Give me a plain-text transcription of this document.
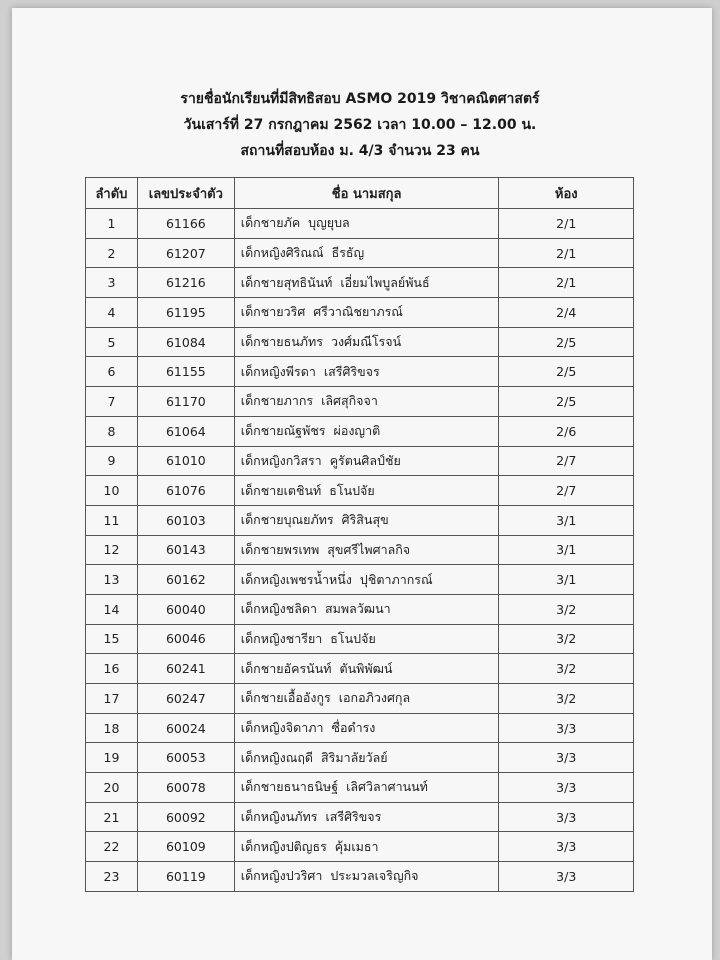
รายชื่อนักเรียนที่มีสิทธิสอบ ASMO 2019 วิชาคณิตศาสตร์
วันเสาร์ที่ 27 กรกฎาคม 2562 เวลา 10.00 – 12.00 น.
สถานที่สอบห้อง ม. 4/3 จำนวน 23 คน
ลำดับ	เลขประจำตัว	ชื่อ นามสกุล	ห้อง
1	61166	เด็กชายภัค บุญยุบล	2/1
2	61207	เด็กหญิงศิริณณ์ ธีรธัญ	2/1
3	61216	เด็กชายสุทธินันท์ เอี่ยมไพบูลย์พันธ์	2/1
4	61195	เด็กชายวริศ ศรีวาณิชยาภรณ์	2/4
5	61084	เด็กชายธนภัทร วงศ์มณีโรจน์	2/5
6	61155	เด็กหญิงพีรดา เสรีศิริขจร	2/5
7	61170	เด็กชายภากร เลิศสุกิจจา	2/5
8	61064	เด็กชายณัฐพัชร ผ่องญาติ	2/6
9	61010	เด็กหญิงกวิสรา คูรัตนศิลป์ชัย	2/7
10	61076	เด็กชายเตชินท์ ธโนปจัย	2/7
11	60103	เด็กชายบุณยภัทร ศิริสินสุข	3/1
12	60143	เด็กชายพรเทพ สุขศรีไพศาลกิจ	3/1
13	60162	เด็กหญิงเพชรน้ำหนึ่ง ปุชิตาภากรณ์	3/1
14	60040	เด็กหญิงชลิดา สมพลวัฒนา	3/2
15	60046	เด็กหญิงชารียา ธโนปจัย	3/2
16	60241	เด็กชายอัครนันท์ ตันพิพัฒน์	3/2
17	60247	เด็กชายเอื้ออังกูร เอกอภิวงศกุล	3/2
18	60024	เด็กหญิงจิดาภา ซื่อดำรง	3/3
19	60053	เด็กหญิงณฤดี สิริมาลัยวัลย์	3/3
20	60078	เด็กชายธนาธนิษฐ์ เลิศวิลาศานนท์	3/3
21	60092	เด็กหญิงนภัทร เสรีศิริขจร	3/3
22	60109	เด็กหญิงปติญธร คุ้มเมธา	3/3
23	60119	เด็กหญิงปวริศา ประมวลเจริญกิจ	3/3
